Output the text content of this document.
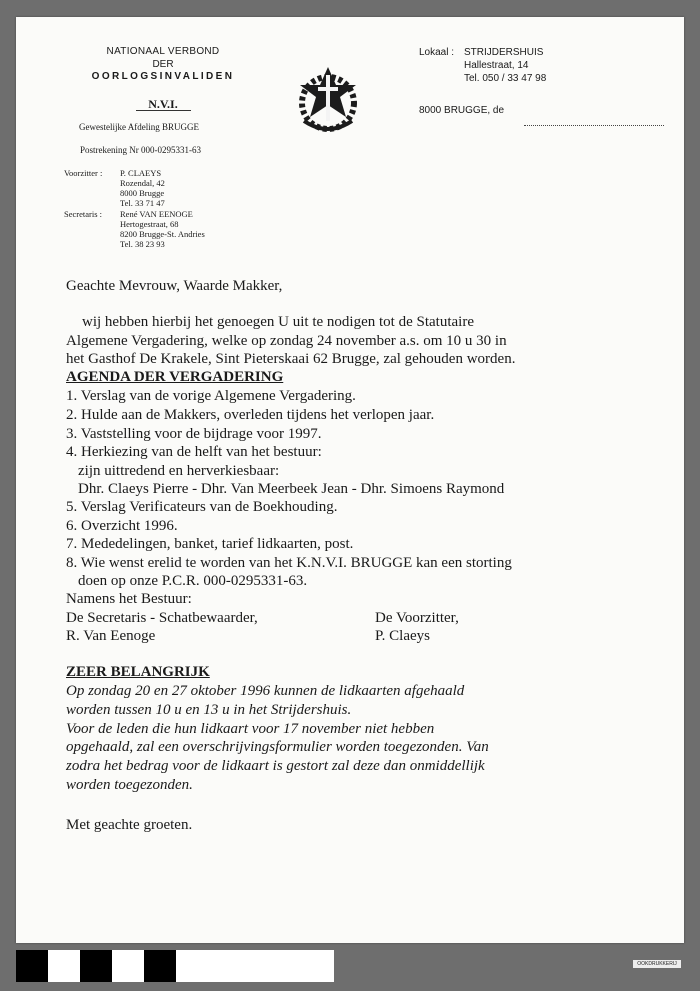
NATIONAAL VERBOND
DER
OORLOGSINVALIDEN
N.V.I.
Gewestelijke Afdeling BRUGGE
Postrekening Nr 000-0295331-63
Voorzitter : P. CLAEYS
Rozendal, 42
8000 Brugge
Tel. 33 71 47
Secretaris : René VAN EENOGE
Hertogestraat, 68
8200 Brugge-St. Andries
Tel. 38 23 93
Lokaal : STRIJDERSHUIS
Hallestraat, 14
Tel. 050 / 33 47 98
8000 BRUGGE, de
Geachte Mevrouw, Waarde Makker,
wij hebben hierbij het genoegen U uit te nodigen tot de Statutaire
Algemene Vergadering, welke op zondag 24 november a.s. om 10 u 30 in
het Gasthof De Krakele, Sint Pieterskaai 62 Brugge, zal gehouden worden.
AGENDA DER VERGADERING
1. Verslag van de vorige Algemene Vergadering.
2. Hulde aan de Makkers, overleden tijdens het verlopen jaar.
3. Vaststelling voor de bijdrage voor 1997.
4. Herkiezing van de helft van het bestuur:
zijn uittredend en herverkiesbaar:
Dhr. Claeys Pierre - Dhr. Van Meerbeek Jean - Dhr. Simoens Raymond
5. Verslag Verificateurs van de Boekhouding.
6. Overzicht 1996.
7. Mededelingen, banket, tarief lidkaarten, post.
8. Wie wenst erelid te worden van het K.N.V.I. BRUGGE kan een storting
doen op onze P.C.R. 000-0295331-63.
Namens het Bestuur:
De Secretaris - Schatbewaarder,	De Voorzitter,
R. Van Eenoge	P. Claeys
ZEER BELANGRIJK
Op zondag 20 en 27 oktober 1996 kunnen de lidkaarten afgehaald
worden tussen 10 u en 13 u in het Strijdershuis.
Voor de leden die hun lidkaart voor 17 november niet hebben
opgehaald, zal een overschrijvingsformulier worden toegezonden. Van
zodra het bedrag voor de lidkaart is gestort zal deze dan onmiddellijk
worden toegezonden.
Met geachte groeten.
OOKDRUKKERIJ
